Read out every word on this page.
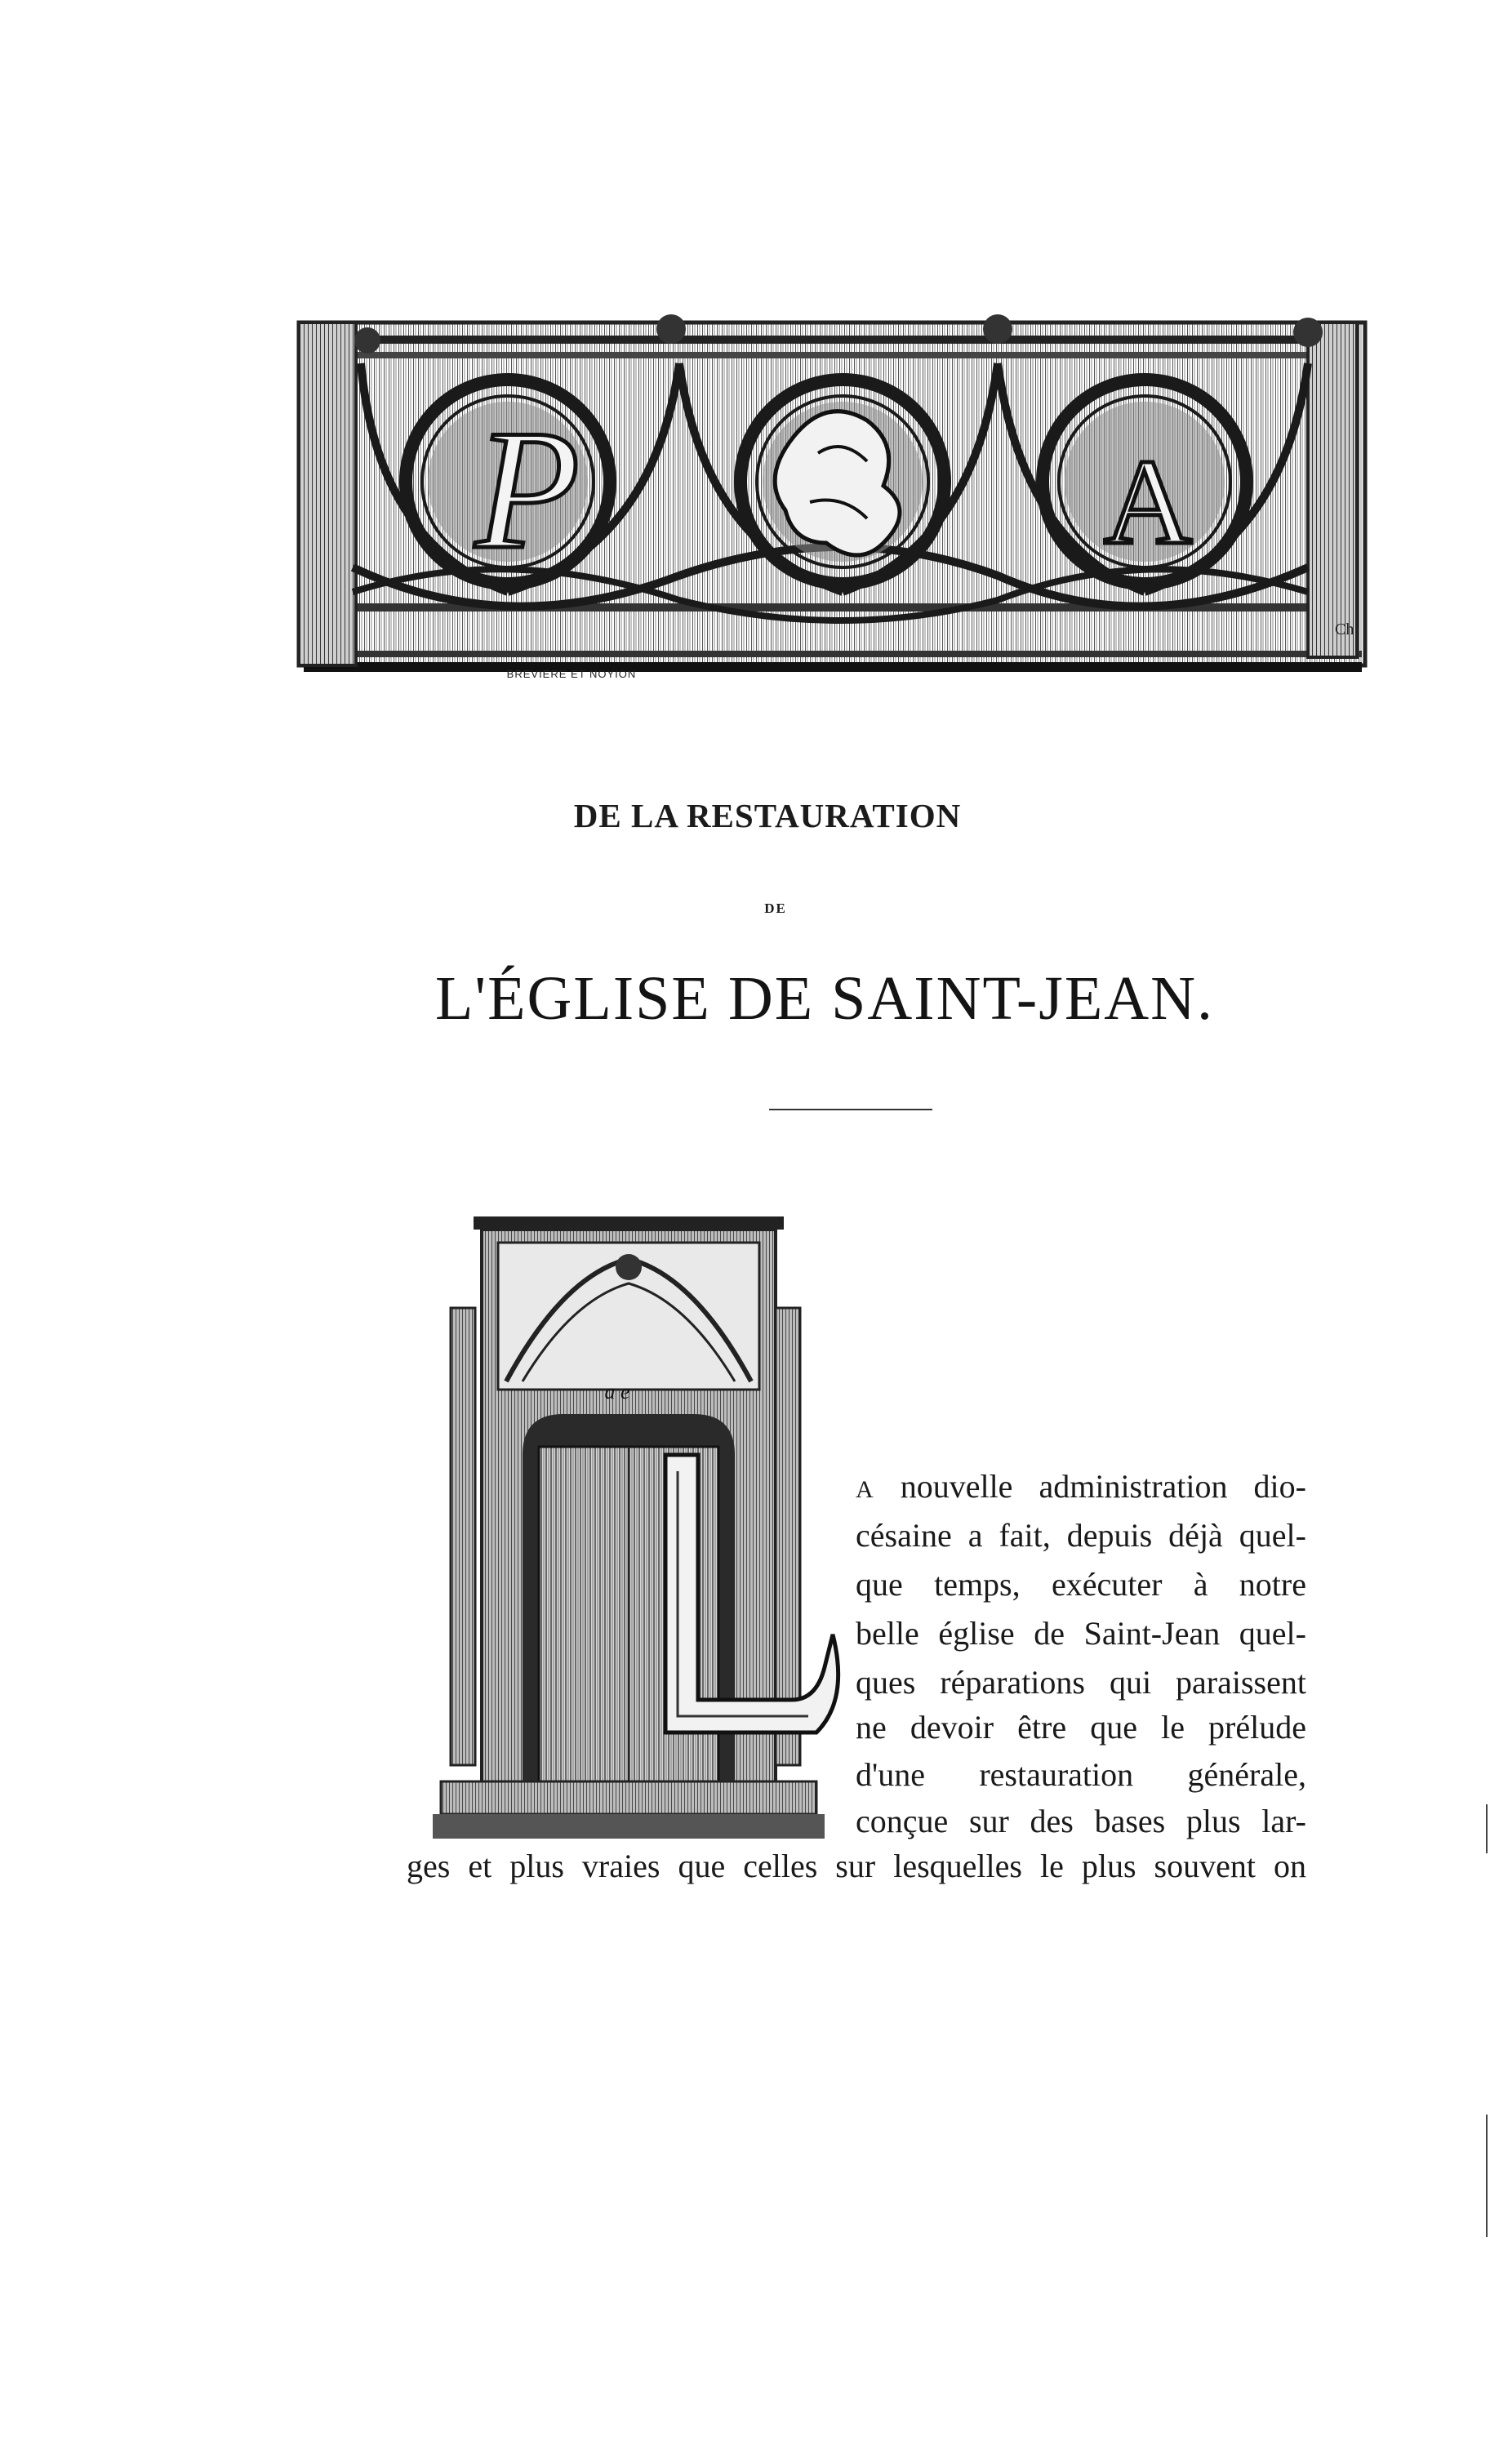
P	A
BREVIERE ET NOYION
Ch
DE LA RESTAURATION
DE
L'ÉGLISE DE SAINT-JEAN.
a e
A nouvelle administration dio-
césaine a fait, depuis déjà quel-
que temps, exécuter à notre
belle église de Saint-Jean quel-
ques réparations qui paraissent
ne devoir être que le prélude
d'une restauration générale,
conçue sur des bases plus lar-
ges et plus vraies que celles sur lesquelles le plus souvent on
